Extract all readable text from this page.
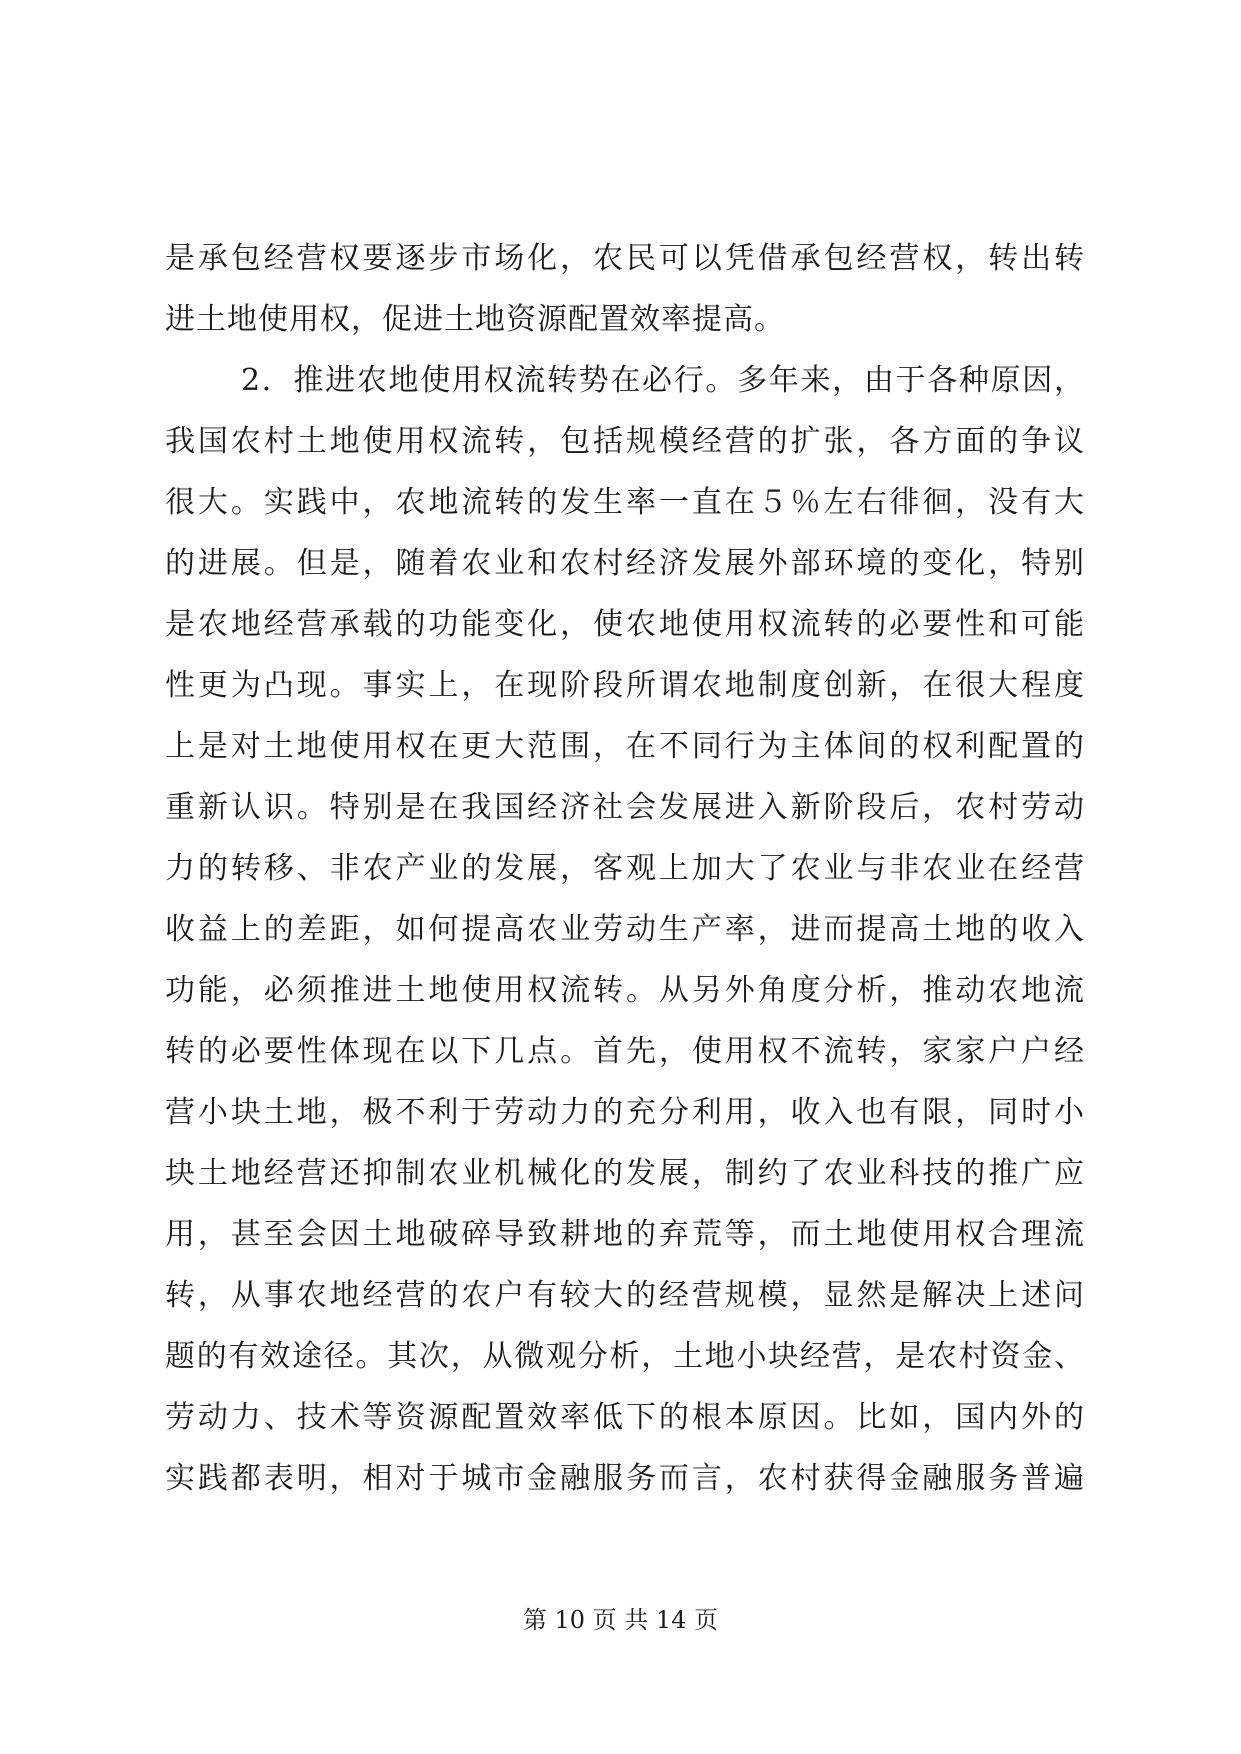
是承包经营权要逐步市场化，农民可以凭借承包经营权，转出转
进土地使用权，促进土地资源配置效率提高。
2．推进农地使用权流转势在必行。多年来，由于各种原因，
我国农村土地使用权流转，包括规模经营的扩张，各方面的争议
很大。实践中，农地流转的发生率一直在５％左右徘徊，没有大
的进展。但是，随着农业和农村经济发展外部环境的变化，特别
是农地经营承载的功能变化，使农地使用权流转的必要性和可能
性更为凸现。事实上，在现阶段所谓农地制度创新，在很大程度
上是对土地使用权在更大范围，在不同行为主体间的权利配置的
重新认识。特别是在我国经济社会发展进入新阶段后，农村劳动
力的转移、非农产业的发展，客观上加大了农业与非农业在经营
收益上的差距，如何提高农业劳动生产率，进而提高土地的收入
功能，必须推进土地使用权流转。从另外角度分析，推动农地流
转的必要性体现在以下几点。首先，使用权不流转，家家户户经
营小块土地，极不利于劳动力的充分利用，收入也有限，同时小
块土地经营还抑制农业机械化的发展，制约了农业科技的推广应
用，甚至会因土地破碎导致耕地的弃荒等，而土地使用权合理流
转，从事农地经营的农户有较大的经营规模，显然是解决上述问
题的有效途径。其次，从微观分析，土地小块经营，是农村资金、
劳动力、技术等资源配置效率低下的根本原因。比如，国内外的
实践都表明，相对于城市金融服务而言，农村获得金融服务普遍
第 10 页 共 14 页
